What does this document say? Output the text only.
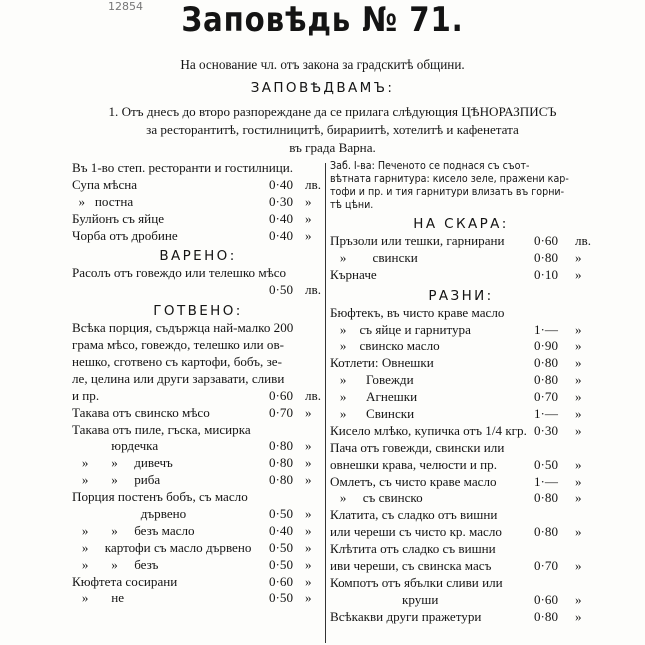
12854	Заповѣдь № 71.
На основание чл. отъ закона за градскитѣ общини.
ЗАПОВѢДВАМЪ:
1. Отъ днесъ до второ разпореждане да се прилага слѣдующия ЦѢНОРАЗПИСЪ
за ресторантитѣ, гостилницитѣ, бирариитѣ, хотелитѣ и кафенетата
въ града Варна.
Въ 1-во степ. ресторанти и гостилници.
Супа мѣсна	0·40 лв.
»   постна	0·30 »
Булйонъ съ яйце	0·40 »
Чорба отъ дробине	0·40 »
ВАРЕНО:
Расолъ отъ говеждо или телешко мѣсо
0·50 лв.
ГОТВЕНО:
Всѣка порция, съдържца най-малко 200
грама мѣсо, говеждо, телешко или ов-
нешко, сготвено съ картофи, бобъ, зе-
ле, целина или други зарзавати, сливи
и пр.	0·60 лв.
Такава отъ свинско мѣсо	0·70 »
Такава отъ пиле, гъска, мисирка
юрдечка	0·80 »
»       »     дивечъ	0·80 »
»       »     риба	0·80 »
Порция постенъ бобъ, съ масло
дървено	0·50 »
»       »     безъ масло	0·40 »
»     картофи съ масло дървено 0·50 »
»       »     безъ	0·50 »
Кюфтета сосирани	0·60 »
»       не	0·50 »
Заб. I-ва: Печеното се поднася съ съот-
вѣтната гарнитура: кисело зеле, пражени кар-
тофи и пр. и тия гарнитури влизатъ въ горни-
тѣ цѣни.
НА СКАРА:
Пръзоли или тешки, гарнирани 0·60 лв.
»        свински	0·80 »
Кърначе	0·10 »
РАЗНИ:
Бюфтекъ, въ чисто краве масло
»    съ яйце и гарнитура	1·— »
»    свинско масло	0·90 »
Котлети: Овнешки	0·80 »
»      Говежди	0·80 »
»      Агнешки	0·70 »
»      Свински	1·— »
Кисело млѣко, купичка отъ 1/4 кгр. 0·30 »
Пача отъ говежди, свински или
овнешки крава, челюсти и пр.	0·50 »
Омлетъ, съ чисто краве масло	1·— »
»     съ свинско	0·80 »
Клатита, съ сладко отъ вишни
или череши съ чисто кр. масло 0·80 »
Клѣтита отъ сладко съ вишни
иви череши, съ свинска масъ	0·70 »
Компотъ отъ ябълки сливи или
круши	0·60 »
Всѣкакви други пражетури	0·80 »
